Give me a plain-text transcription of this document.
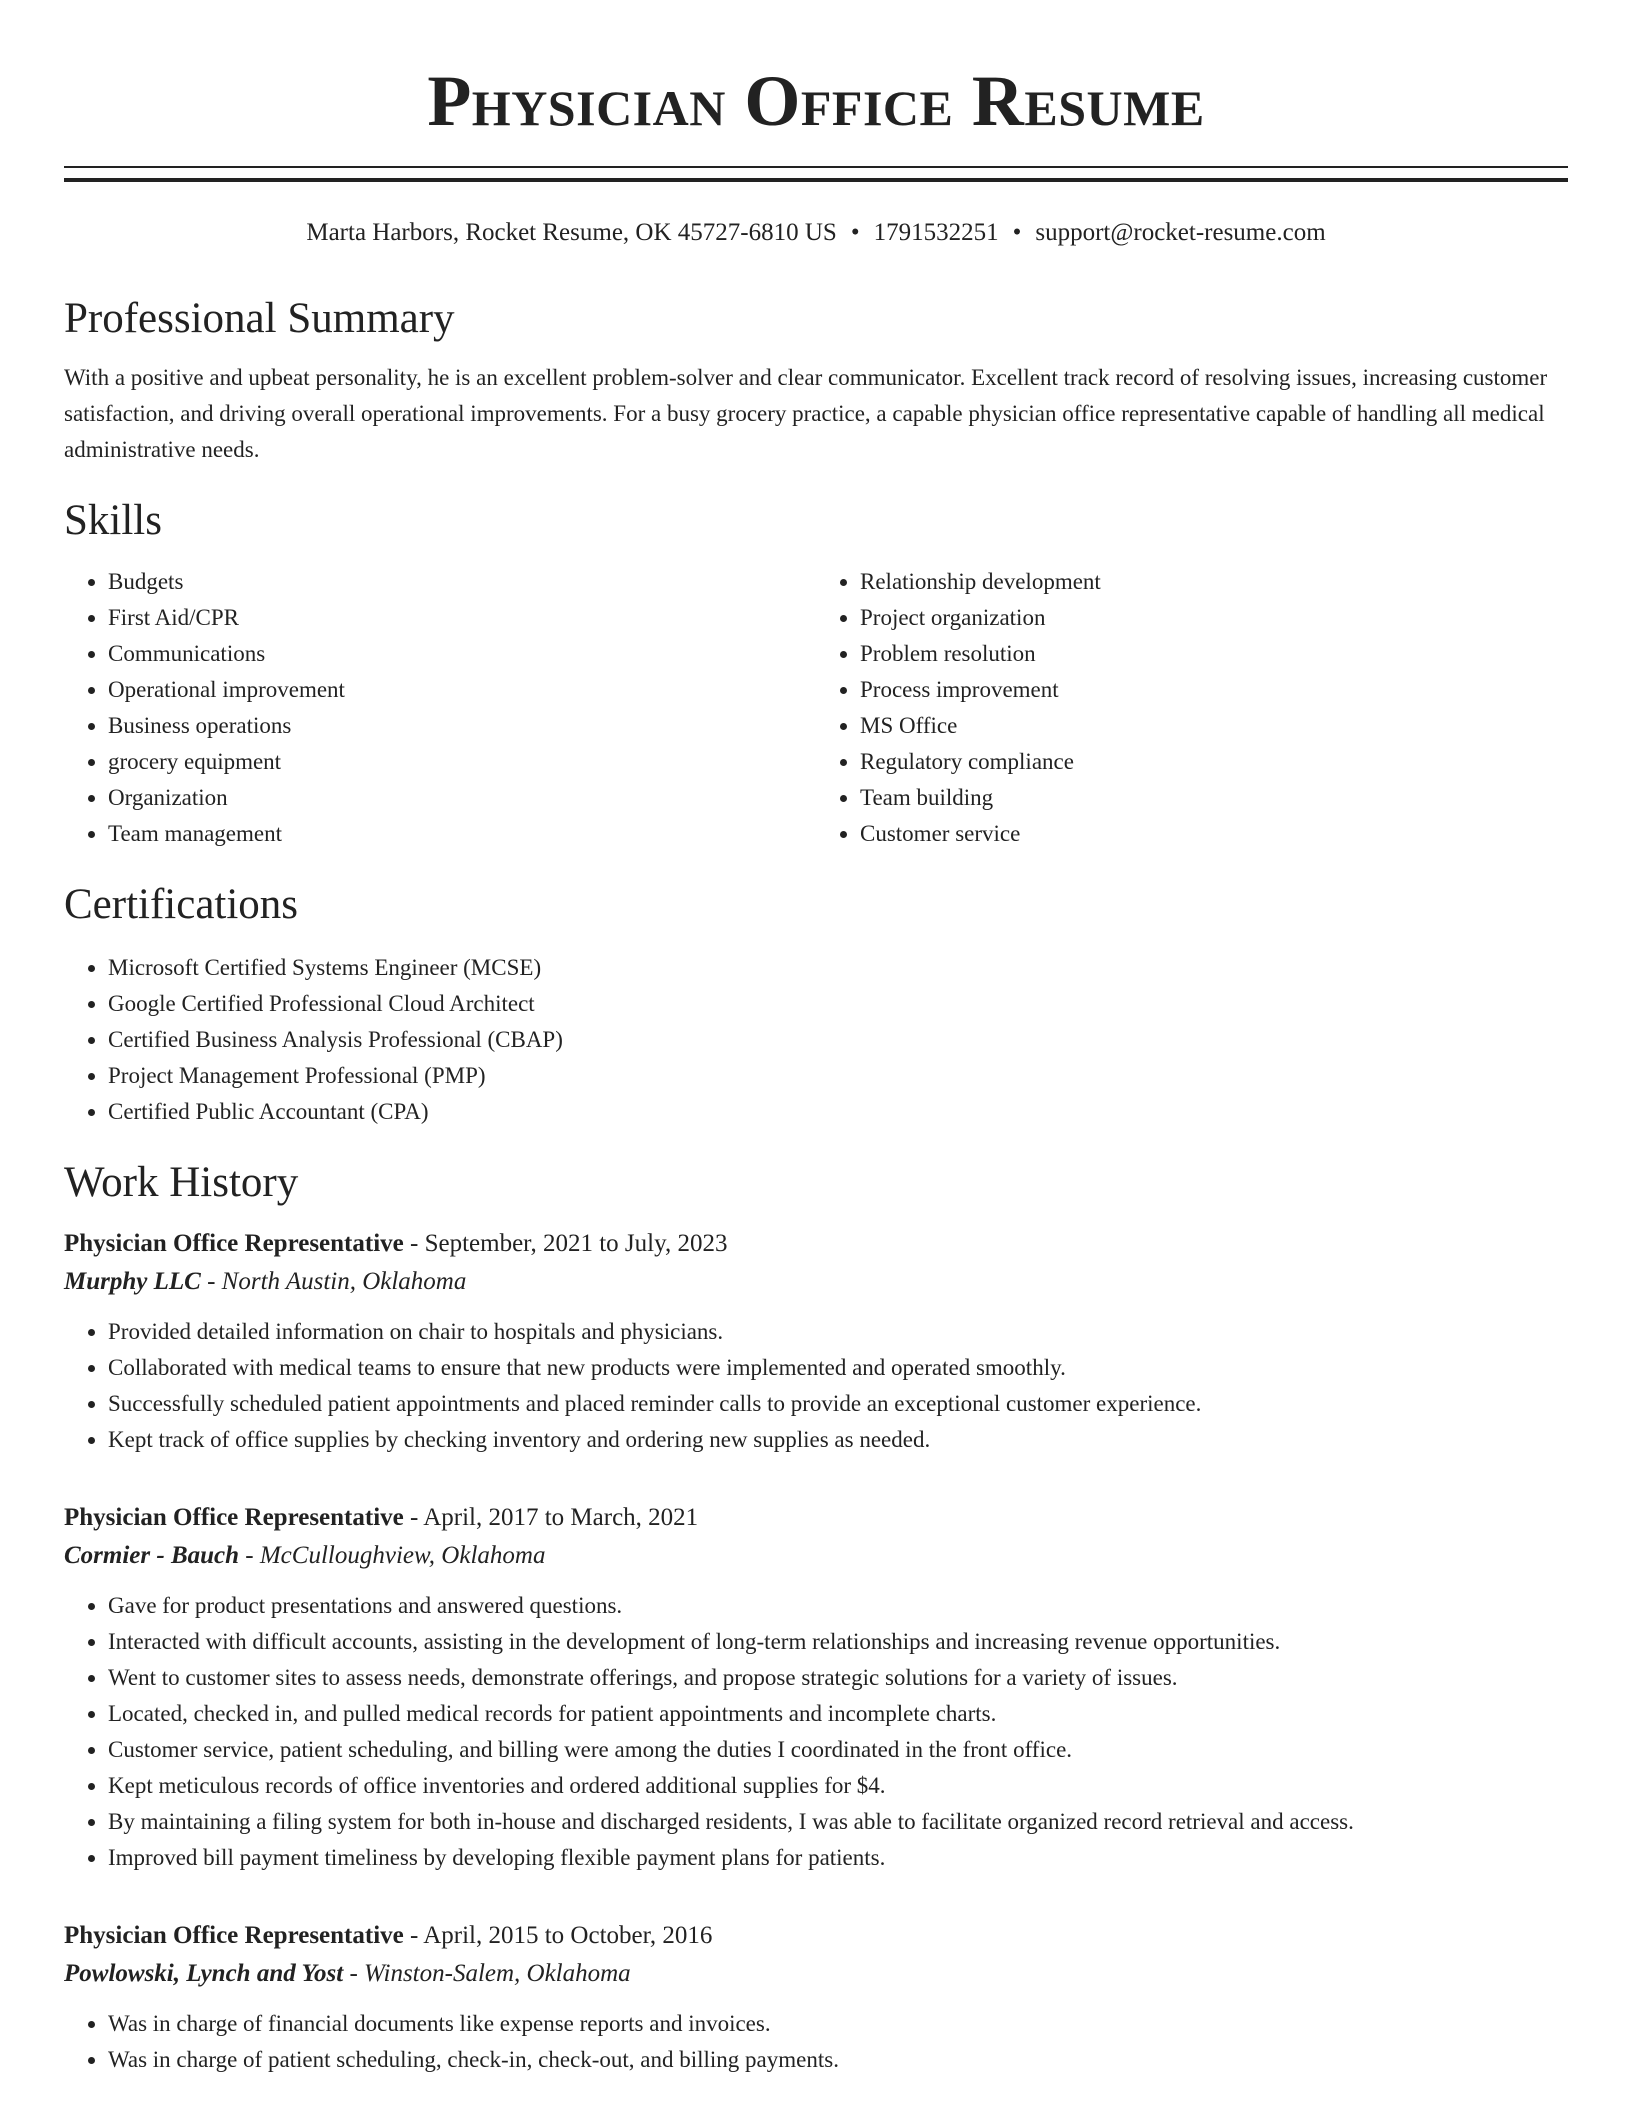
Physician Office Resume
Marta Harbors, Rocket Resume, OK 45727-6810 US • 1791532251 • support@rocket-resume.com
Professional Summary

With a positive and upbeat personality, he is an excellent problem-solver and clear communicator. Excellent track record of resolving issues, increasing customer satisfaction, and driving overall operational improvements. For a busy grocery practice, a capable physician office representative capable of handling all medical administrative needs.

Skills
• Budgets
• First Aid/CPR
• Communications
• Operational improvement
• Business operations
• grocery equipment
• Organization
• Team management
• Relationship development
• Project organization
• Problem resolution
• Process improvement
• MS Office
• Regulatory compliance
• Team building
• Customer service
Certifications
• Microsoft Certified Systems Engineer (MCSE)
• Google Certified Professional Cloud Architect
• Certified Business Analysis Professional (CBAP)
• Project Management Professional (PMP)
• Certified Public Accountant (CPA)
Work History
Physician Office Representative - September, 2021 to July, 2023
Murphy LLC - North Austin, Oklahoma
• Provided detailed information on chair to hospitals and physicians.
• Collaborated with medical teams to ensure that new products were implemented and operated smoothly.
• Successfully scheduled patient appointments and placed reminder calls to provide an exceptional customer experience.
• Kept track of office supplies by checking inventory and ordering new supplies as needed.
Physician Office Representative - April, 2017 to March, 2021
Cormier - Bauch - McCulloughview, Oklahoma
• Gave for product presentations and answered questions.
• Interacted with difficult accounts, assisting in the development of long-term relationships and increasing revenue opportunities.
• Went to customer sites to assess needs, demonstrate offerings, and propose strategic solutions for a variety of issues.
• Located, checked in, and pulled medical records for patient appointments and incomplete charts.
• Customer service, patient scheduling, and billing were among the duties I coordinated in the front office.
• Kept meticulous records of office inventories and ordered additional supplies for $4.
• By maintaining a filing system for both in-house and discharged residents, I was able to facilitate organized record retrieval and access.
• Improved bill payment timeliness by developing flexible payment plans for patients.
Physician Office Representative - April, 2015 to October, 2016
Powlowski, Lynch and Yost - Winston-Salem, Oklahoma
• Was in charge of financial documents like expense reports and invoices.
• Was in charge of patient scheduling, check-in, check-out, and billing payments.
